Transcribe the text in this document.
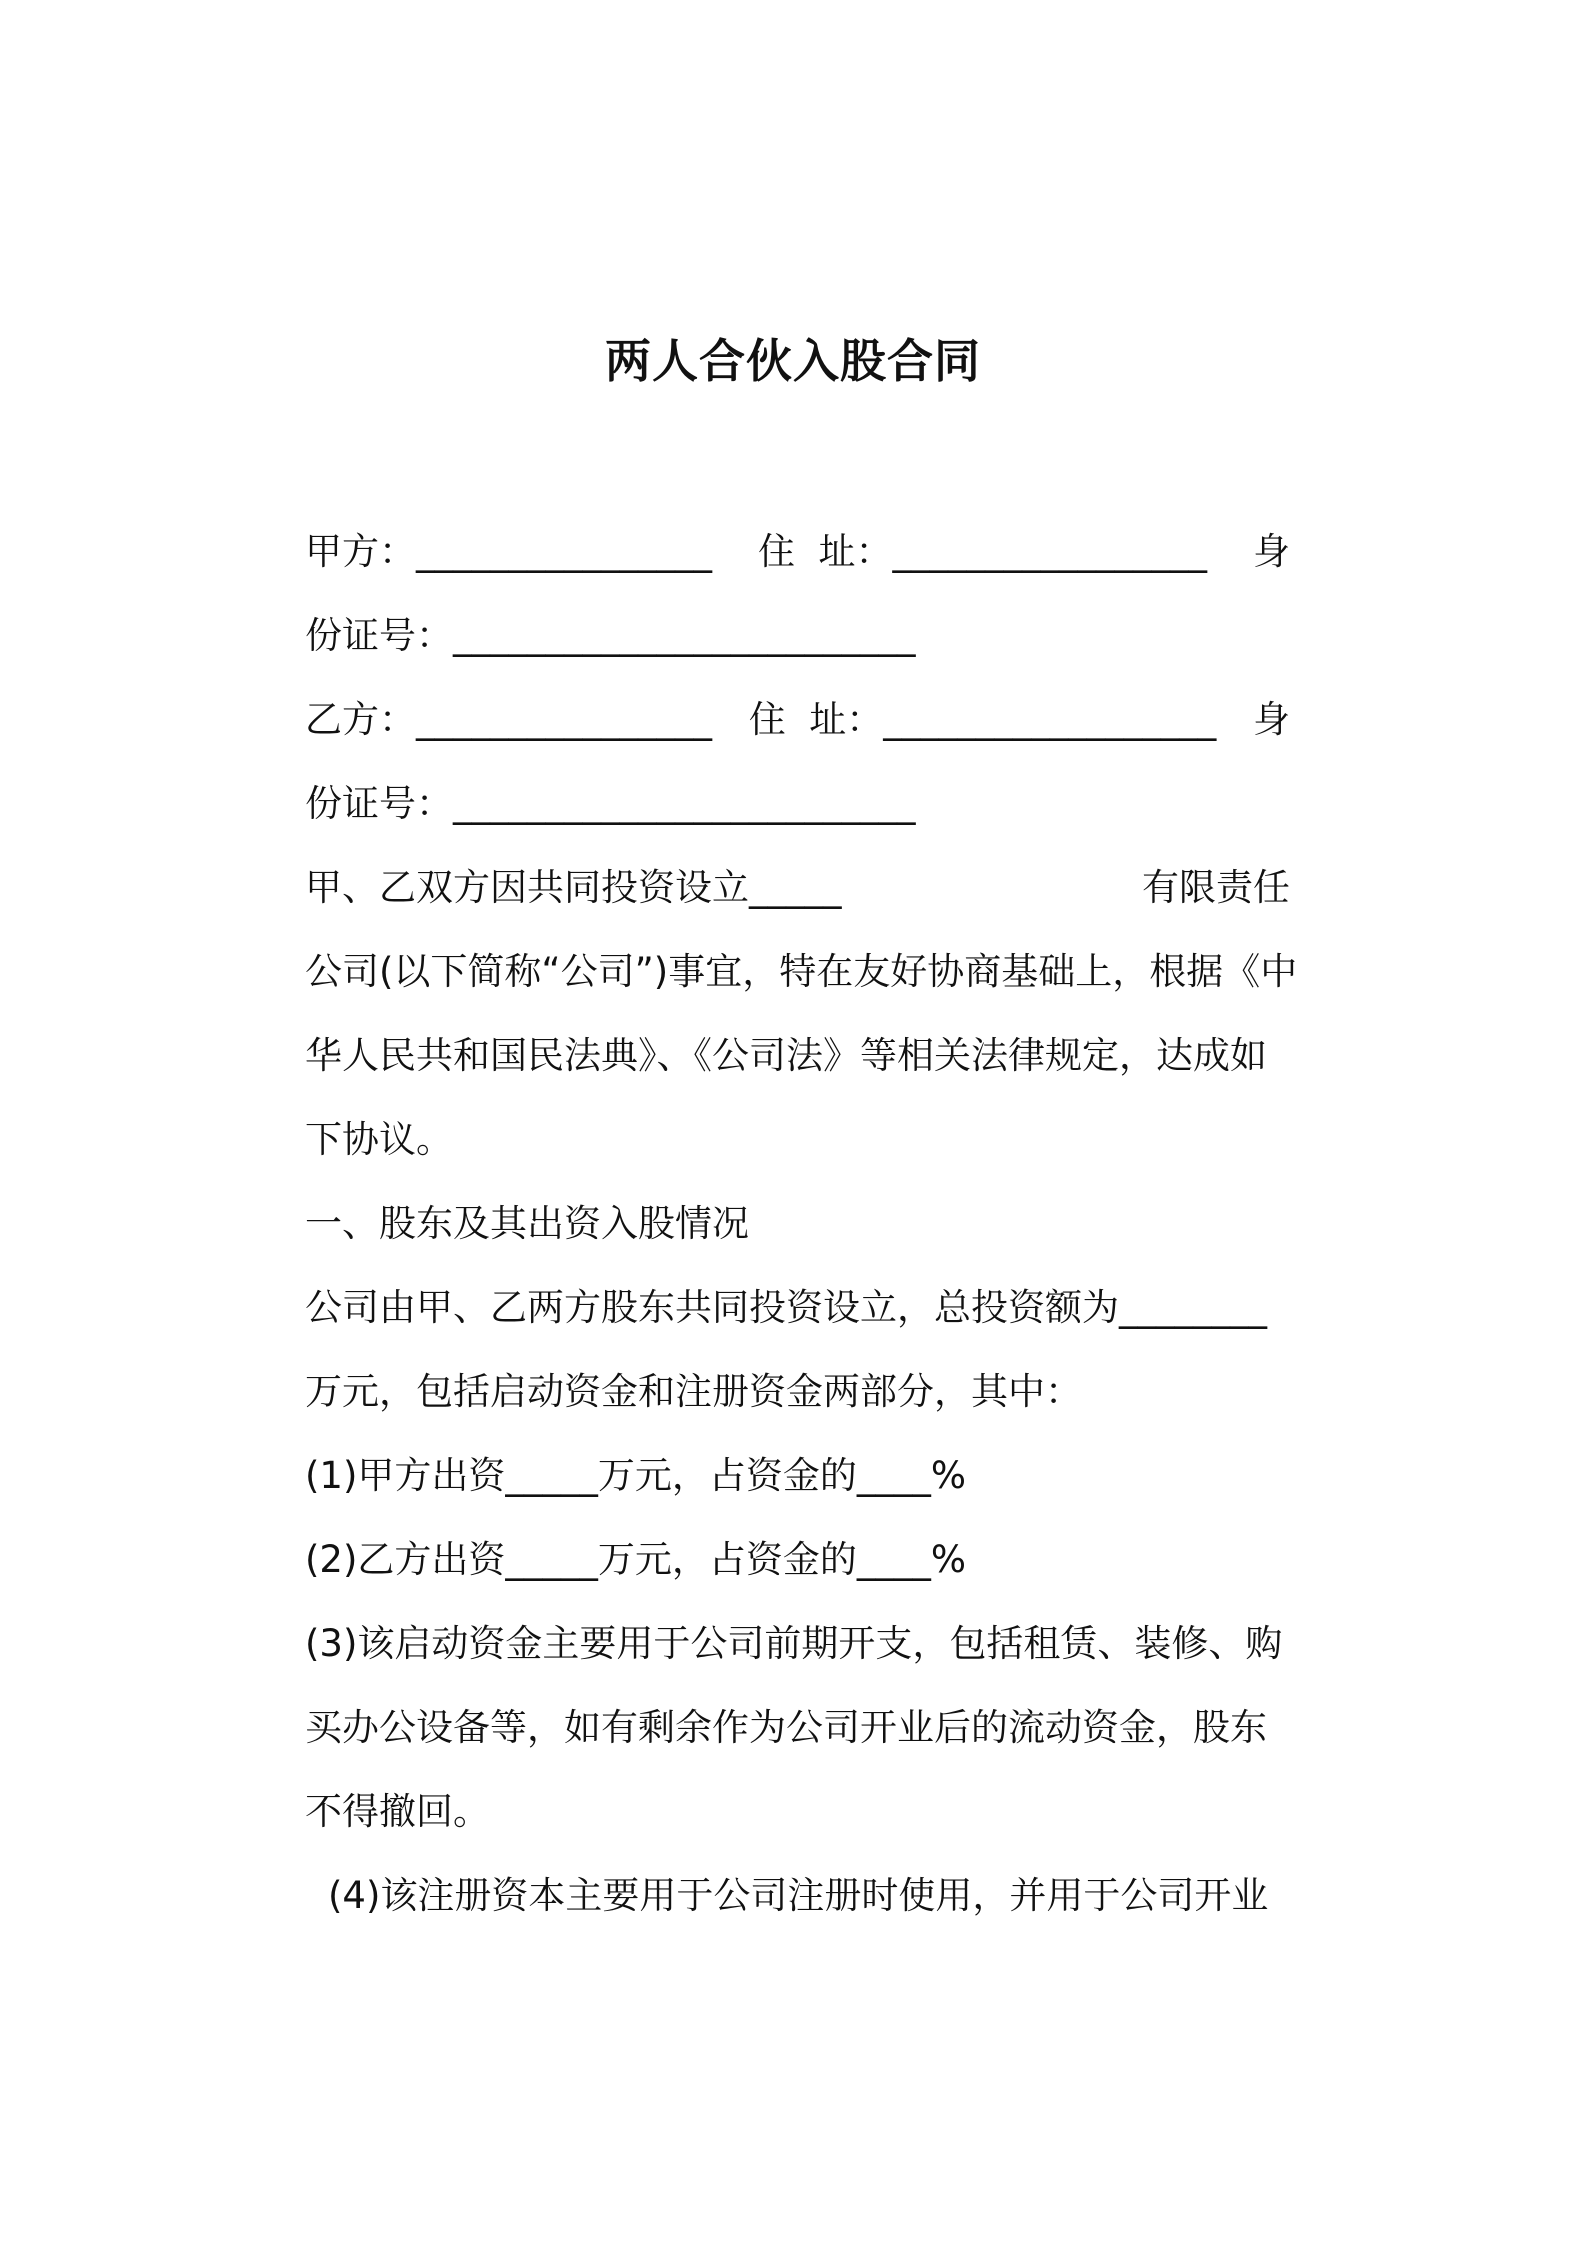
两人合伙入股合同
甲方：________________ 住  址：_________________ 身
份证号：_________________________
乙方：________________ 住  址：__________________ 身
份证号：_________________________
甲、乙双方因共同投资设立_____	有限责任
公司(以下简称“公司”)事宜，特在友好协商基础上，根据《中
华人民共和国民法典》、《公司法》等相关法律规定，达成如
下协议。
一、股东及其出资入股情况
公司由甲、乙两方股东共同投资设立，总投资额为________
万元，包括启动资金和注册资金两部分，其中：
(1)甲方出资_____万元，占资金的____%
(2)乙方出资_____万元，占资金的____%
(3)该启动资金主要用于公司前期开支，包括租赁、装修、购
买办公设备等，如有剩余作为公司开业后的流动资金，股东
不得撤回。
(4)该注册资本主要用于公司注册时使用，并用于公司开业
